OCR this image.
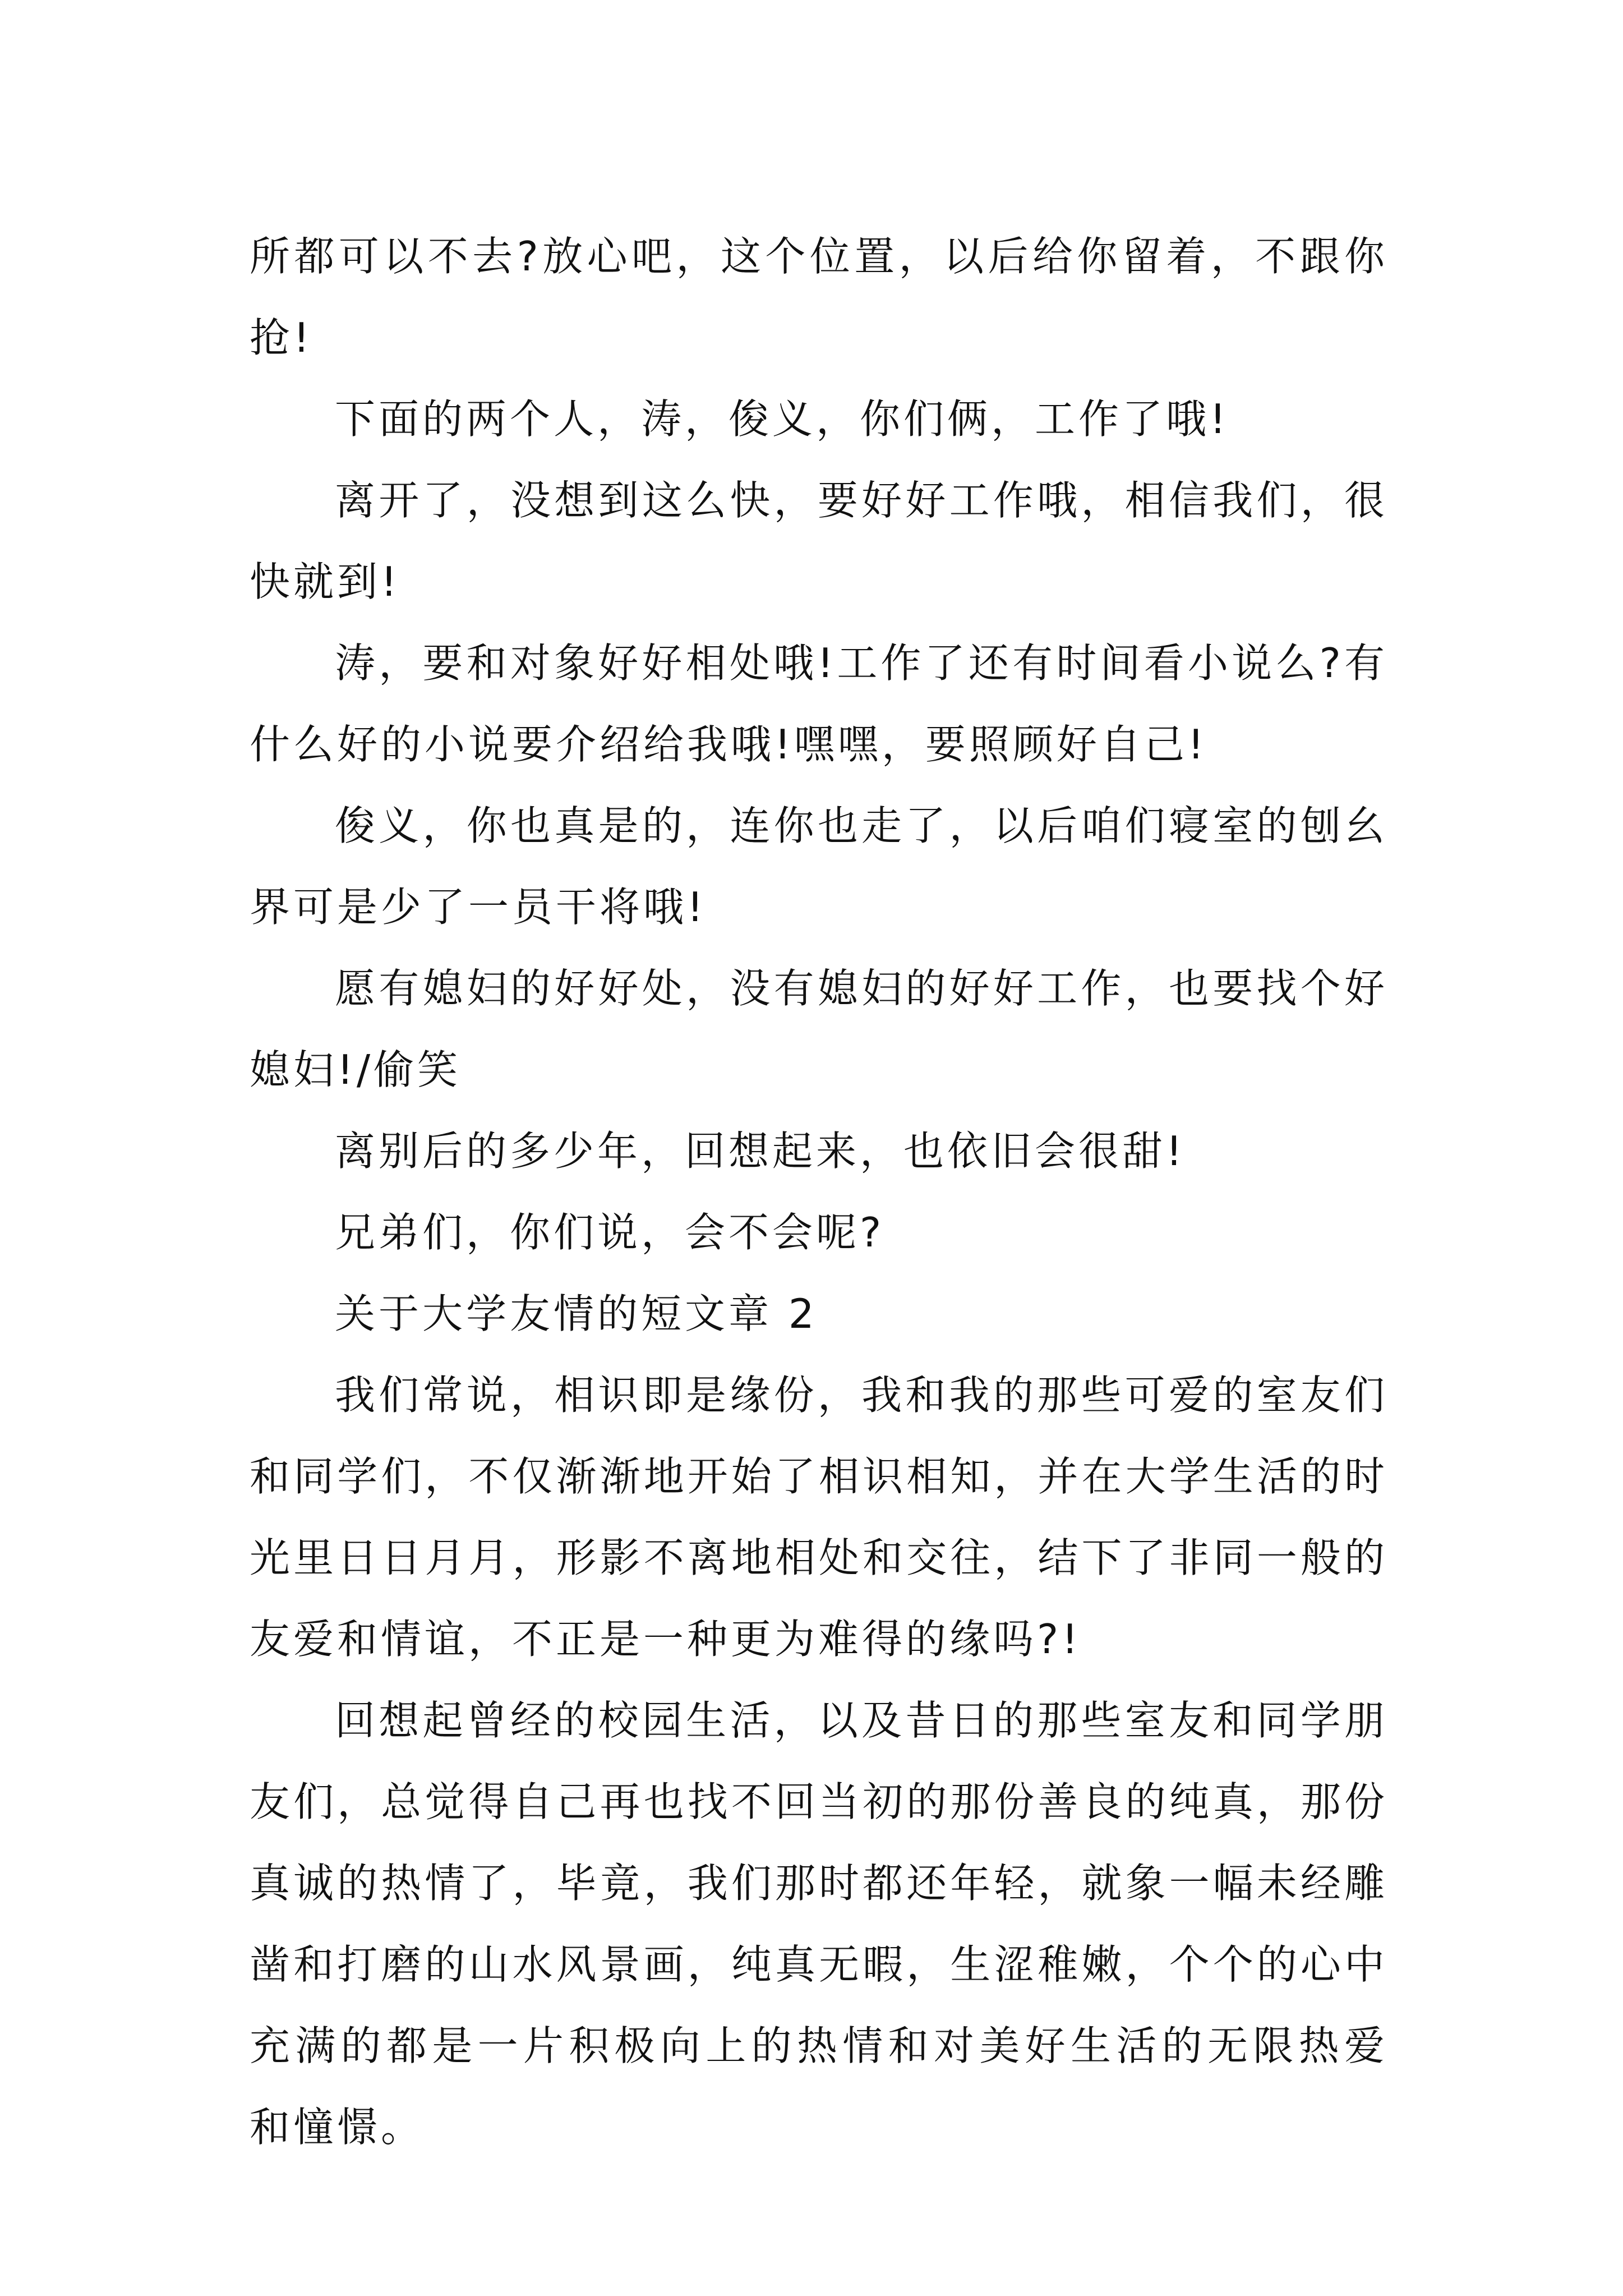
所都可以不去?放心吧，这个位置，以后给你留着，不跟你
抢!
下面的两个人，涛，俊义，你们俩，工作了哦!
离开了，没想到这么快，要好好工作哦，相信我们，很
快就到!
涛，要和对象好好相处哦!工作了还有时间看小说么?有
什么好的小说要介绍给我哦!嘿嘿，要照顾好自己!
俊义，你也真是的，连你也走了，以后咱们寝室的刨幺
界可是少了一员干将哦!
愿有媳妇的好好处，没有媳妇的好好工作，也要找个好
媳妇!/偷笑
离别后的多少年，回想起来，也依旧会很甜!
兄弟们，你们说，会不会呢?
关于大学友情的短文章 2
我们常说，相识即是缘份，我和我的那些可爱的室友们
和同学们，不仅渐渐地开始了相识相知，并在大学生活的时
光里日日月月，形影不离地相处和交往，结下了非同一般的
友爱和情谊，不正是一种更为难得的缘吗?!
回想起曾经的校园生活，以及昔日的那些室友和同学朋
友们，总觉得自己再也找不回当初的那份善良的纯真，那份
真诚的热情了，毕竟，我们那时都还年轻，就象一幅未经雕
凿和打磨的山水风景画，纯真无暇，生涩稚嫩，个个的心中
充满的都是一片积极向上的热情和对美好生活的无限热爱
和憧憬。
